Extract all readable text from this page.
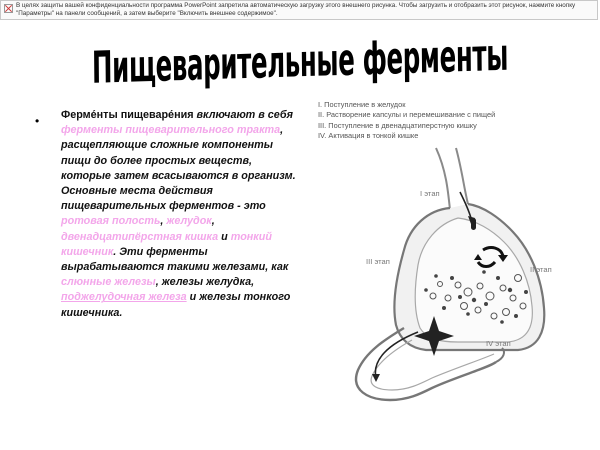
В целях защиты вашей конфиденциальности программа PowerPoint запретила автоматическую загрузку этого внешнего рисунка. Чтобы загрузить и отобразить этот рисунок, нажмите кнопку "Параметры" на панели сообщений, а затем выберите "Включить внешнее содержимое".
Пищеварительные ферменты
• Ферме́нты пищеваре́ния включают в себя ферменты пищеварительного тракта, расщепляющие сложные компоненты пищи до более простых веществ, которые затем всасываются в организм. Основные места действия пищеварительных ферментов - это ротовая полость, желудок, двенадцатипёрстная кишка и тонкий кишечник. Эти ферменты вырабатываются такими железами, как слюнные железы, железы желудка, поджелудочная железа и железы тонкого кишечника.
I. Поступление в желудок
II. Растворение капсулы и перемешивание с пищей
III. Поступление в двенадцатиперстную кишку
IV. Активация в тонкой кишке
I этап
II этап
III этап
IV этап
